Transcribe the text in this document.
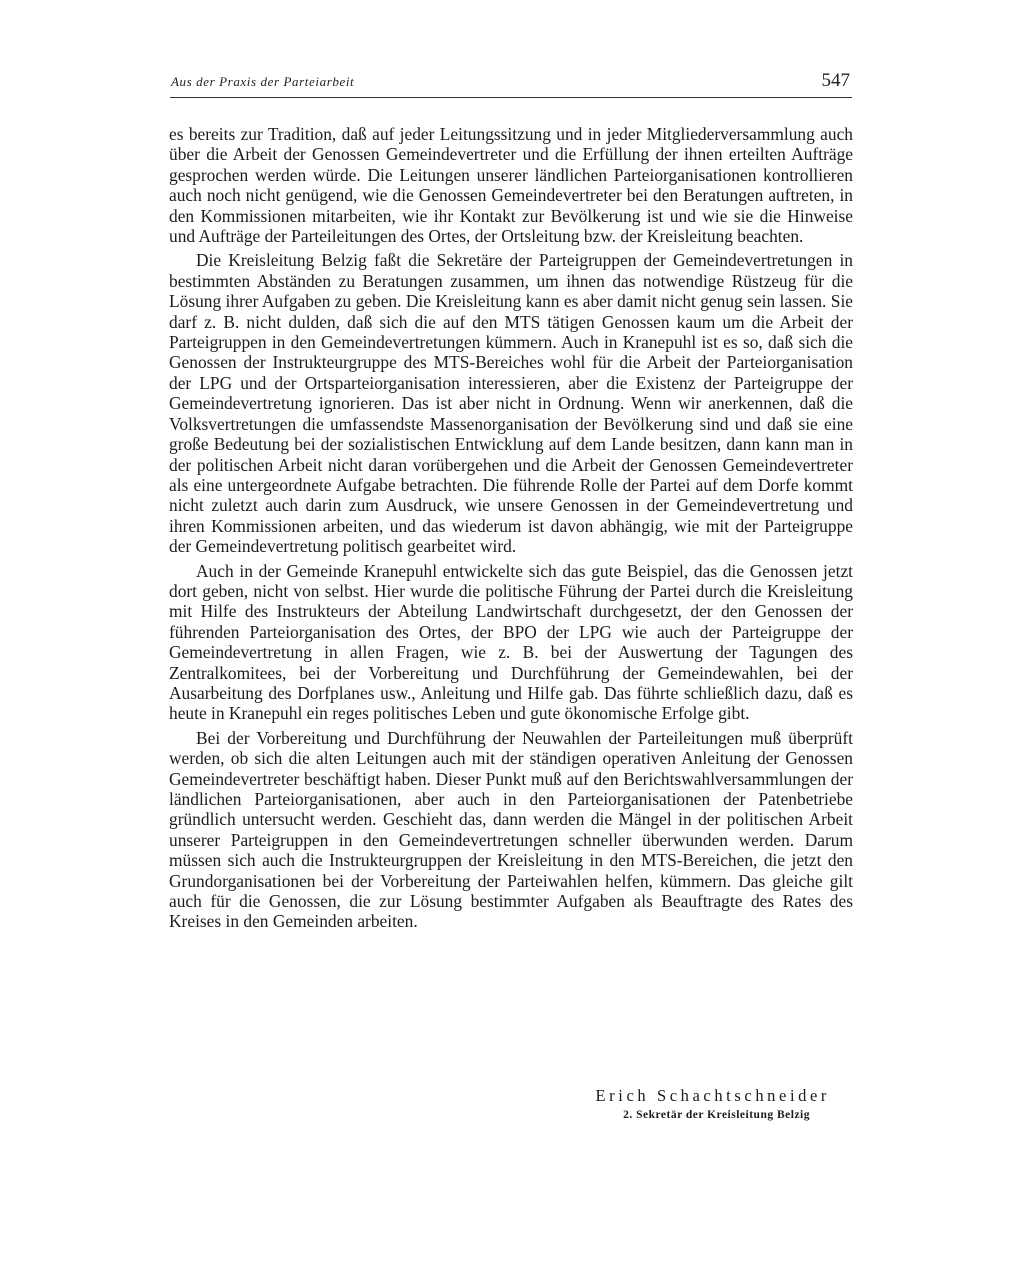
Aus der Praxis der Parteiarbeit	547

es bereits zur Tradition, daß auf jeder Leitungssitzung und in jeder Mitgliederversammlung auch über die Arbeit der Genossen Gemeindevertreter und die Erfüllung der ihnen erteilten Aufträge gesprochen werden würde. Die Leitungen unserer ländlichen Parteiorganisationen kontrollieren auch noch nicht genügend, wie die Genossen Gemeindevertreter bei den Beratungen auftreten, in den Kommissionen mitarbeiten, wie ihr Kontakt zur Bevölkerung ist und wie sie die Hinweise und Aufträge der Parteileitungen des Ortes, der Ortsleitung bzw. der Kreisleitung beachten.

Die Kreisleitung Belzig faßt die Sekretäre der Parteigruppen der Gemeindevertretungen in bestimmten Abständen zu Beratungen zusammen, um ihnen das notwendige Rüstzeug für die Lösung ihrer Aufgaben zu geben. Die Kreisleitung kann es aber damit nicht genug sein lassen. Sie darf z. B. nicht dulden, daß sich die auf den MTS tätigen Genossen kaum um die Arbeit der Parteigruppen in den Gemeindevertretungen kümmern. Auch in Kranepuhl ist es so, daß sich die Genossen der Instrukteurgruppe des MTS-Bereiches wohl für die Arbeit der Parteiorganisation der LPG und der Ortsparteiorganisation interessieren, aber die Existenz der Parteigruppe der Gemeindevertretung ignorieren. Das ist aber nicht in Ordnung. Wenn wir anerkennen, daß die Volksvertretungen die umfassendste Massenorganisation der Bevölkerung sind und daß sie eine große Bedeutung bei der sozialistischen Entwicklung auf dem Lande besitzen, dann kann man in der politischen Arbeit nicht daran vorübergehen und die Arbeit der Genossen Gemeindevertreter als eine untergeordnete Aufgabe betrachten. Die führende Rolle der Partei auf dem Dorfe kommt nicht zuletzt auch darin zum Ausdruck, wie unsere Genossen in der Gemeindevertretung und ihren Kommissionen arbeiten, und das wiederum ist davon abhängig, wie mit der Parteigruppe der Gemeindevertretung politisch gearbeitet wird.

Auch in der Gemeinde Kranepuhl entwickelte sich das gute Beispiel, das die Genossen jetzt dort geben, nicht von selbst. Hier wurde die politische Führung der Partei durch die Kreisleitung mit Hilfe des Instrukteurs der Abteilung Landwirtschaft durchgesetzt, der den Genossen der führenden Parteiorganisation des Ortes, der BPO der LPG wie auch der Parteigruppe der Gemeindevertretung in allen Fragen, wie z. B. bei der Auswertung der Tagungen des Zentralkomitees, bei der Vorbereitung und Durchführung der Gemeindewahlen, bei der Ausarbeitung des Dorfplanes usw., Anleitung und Hilfe gab. Das führte schließlich dazu, daß es heute in Kranepuhl ein reges politisches Leben und gute ökonomische Erfolge gibt.

Bei der Vorbereitung und Durchführung der Neuwahlen der Parteileitungen muß überprüft werden, ob sich die alten Leitungen auch mit der ständigen operativen Anleitung der Genossen Gemeindevertreter beschäftigt haben. Dieser Punkt muß auf den Berichtswahlversammlungen der ländlichen Parteiorganisationen, aber auch in den Parteiorganisationen der Patenbetriebe gründlich untersucht werden. Geschieht das, dann werden die Mängel in der politischen Arbeit unserer Parteigruppen in den Gemeindevertretungen schneller überwunden werden. Darum müssen sich auch die Instrukteurgruppen der Kreisleitung in den MTS-Bereichen, die jetzt den Grundorganisationen bei der Vorbereitung der Parteiwahlen helfen, kümmern. Das gleiche gilt auch für die Genossen, die zur Lösung bestimmter Aufgaben als Beauftragte des Rates des Kreises in den Gemeinden arbeiten.

Erich Schachtschneider
2. Sekretär der Kreisleitung Belzig
